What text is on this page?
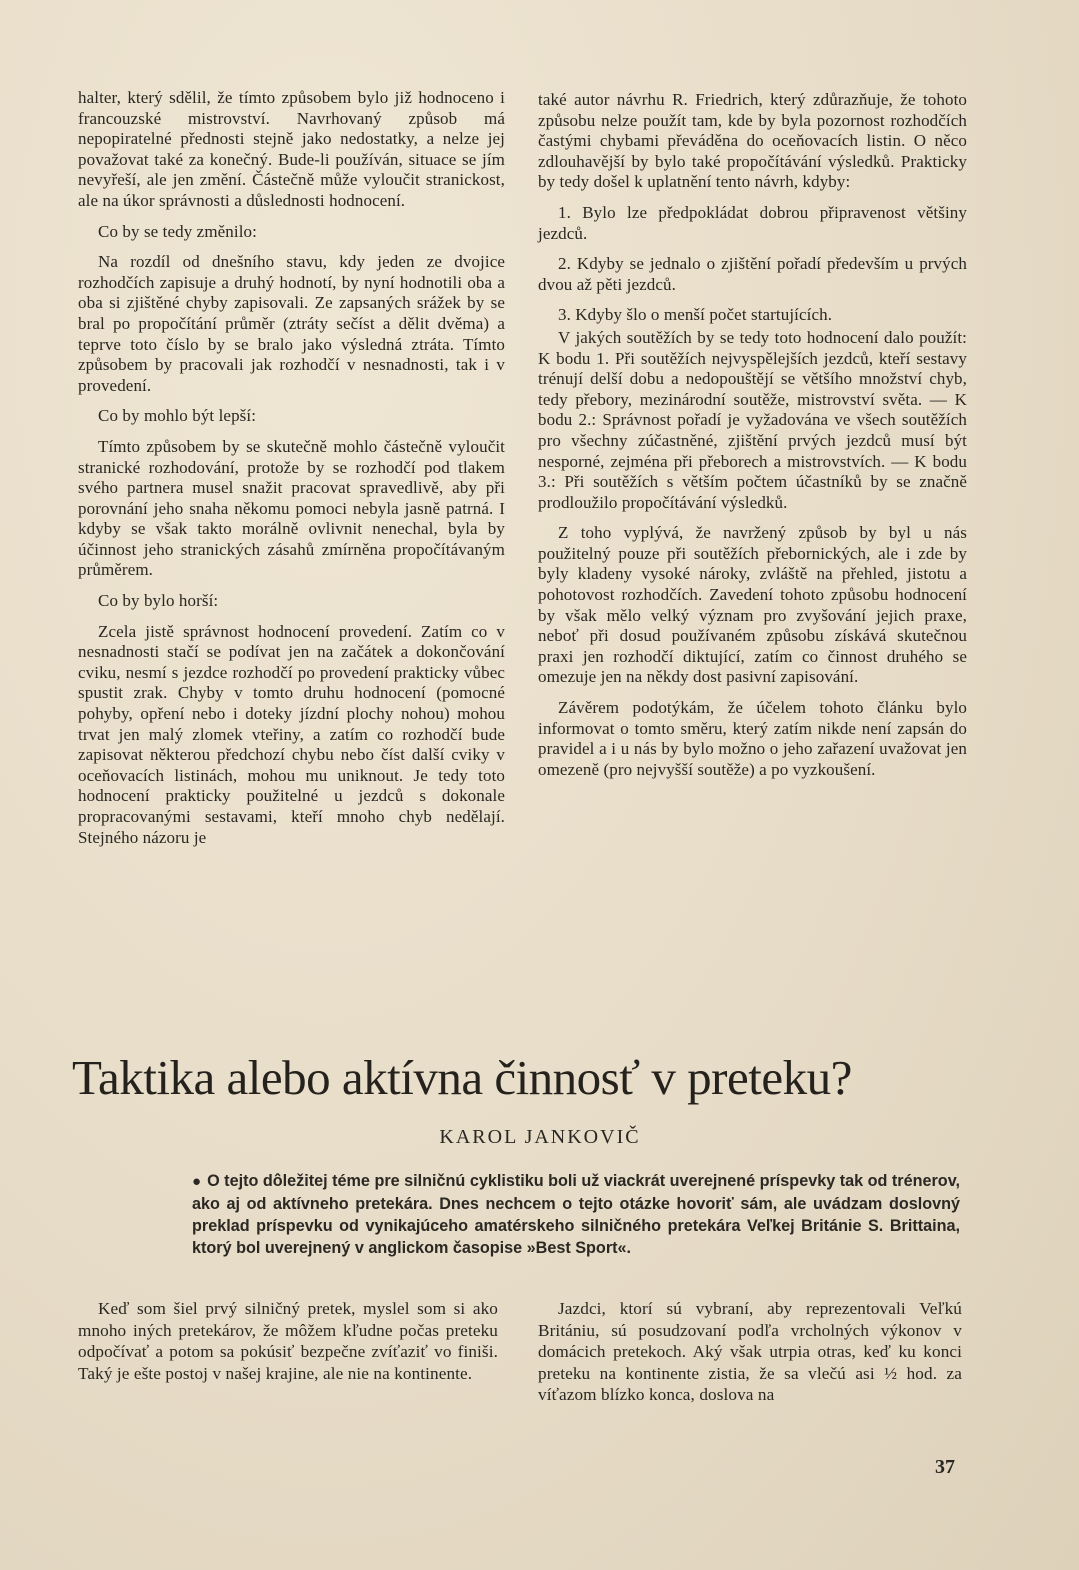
halter, který sdělil, že tímto způsobem bylo již hodnoceno i francouzské mistrovství. Navrhovaný způsob má nepopiratelné přednosti stejně jako nedostatky, a nelze jej považovat také za konečný. Bude-li používán, situace se jím nevyřeší, ale jen změní. Částečně může vyloučit stranickost, ale na úkor správnosti a důslednosti hodnocení.

Co by se tedy změnilo:

Na rozdíl od dnešního stavu, kdy jeden ze dvojice rozhodčích zapisuje a druhý hodnotí, by nyní hodnotili oba a oba si zjištěné chyby zapisovali. Ze zapsaných srážek by se bral po propočítání průměr (ztráty sečíst a dělit dvěma) a teprve toto číslo by se bralo jako výsledná ztráta. Tímto způsobem by pracovali jak rozhodčí v nesnadnosti, tak i v provedení.

Co by mohlo být lepší:

Tímto způsobem by se skutečně mohlo částečně vyloučit stranické rozhodování, protože by se rozhodčí pod tlakem svého partnera musel snažit pracovat spravedlivě, aby při porovnání jeho snaha někomu pomoci nebyla jasně patrná. I kdyby se však takto morálně ovlivnit nenechal, byla by účinnost jeho stranických zásahů zmírněna propočítávaným průměrem.

Co by bylo horší:

Zcela jistě správnost hodnocení provedení. Zatím co v nesnadnosti stačí se podívat jen na začátek a dokončování cviku, nesmí s jezdce rozhodčí po provedení prakticky vůbec spustit zrak. Chyby v tomto druhu hodnocení (pomocné pohyby, opření nebo i doteky jízdní plochy nohou) mohou trvat jen malý zlomek vteřiny, a zatím co rozhodčí bude zapisovat některou předchozí chybu nebo číst další cviky v oceňovacích listinách, mohou mu uniknout. Je tedy toto hodnocení prakticky použitelné u jezdců s dokonale propracovanými sestavami, kteří mnoho chyb nedělají. Stejného názoru je

také autor návrhu R. Friedrich, který zdůrazňuje, že tohoto způsobu nelze použít tam, kde by byla pozornost rozhodčích častými chybami převáděna do oceňovacích listin. O něco zdlouhavější by bylo také propočítávání výsledků. Prakticky by tedy došel k uplatnění tento návrh, kdyby:

1. Bylo lze předpokládat dobrou připravenost většiny jezdců.

2. Kdyby se jednalo o zjištění pořadí především u prvých dvou až pěti jezdců.

3. Kdyby šlo o menší počet startujících.

V jakých soutěžích by se tedy toto hodnocení dalo použít: K bodu 1. Při soutěžích nejvyspělejších jezdců, kteří sestavy trénují delší dobu a nedopouštějí se většího množství chyb, tedy přebory, mezinárodní soutěže, mistrovství světa. — K bodu 2.: Správnost pořadí je vyžadována ve všech soutěžích pro všechny zúčastněné, zjištění prvých jezdců musí být nesporné, zejména při přeborech a mistrovstvích. — K bodu 3.: Při soutěžích s větším počtem účastníků by se značně prodloužilo propočítávání výsledků.

Z toho vyplývá, že navržený způsob by byl u nás použitelný pouze při soutěžích přebornických, ale i zde by byly kladeny vysoké nároky, zvláště na přehled, jistotu a pohotovost rozhodčích. Zavedení tohoto způsobu hodnocení by však mělo velký význam pro zvyšování jejich praxe, neboť při dosud používaném způsobu získává skutečnou praxi jen rozhodčí diktující, zatím co činnost druhého se omezuje jen na někdy dost pasivní zapisování.

Závěrem podotýkám, že účelem tohoto článku bylo informovat o tomto směru, který zatím nikde není zapsán do pravidel a i u nás by bylo možno o jeho zařazení uvažovat jen omezeně (pro nejvyšší soutěže) a po vyzkoušení.

Taktika alebo aktívna činnosť v preteku?
KAROL JANKOVIČ
● O tejto dôležitej téme pre silničnú cyklistiku boli už viackrát uverejnené príspevky tak od trénerov, ako aj od aktívneho pretekára. Dnes nechcem o tejto otázke hovoriť sám, ale uvádzam doslovný preklad príspevku od vynikajúceho amatérskeho silničného pretekára Veľkej Británie S. Brittaina, ktorý bol uverejnený v anglickom časopise »Best Sport«.

Keď som šiel prvý silničný pretek, myslel som si ako mnoho iných pretekárov, že môžem kľudne počas preteku odpočívať a potom sa pokúsiť bezpečne zvíťaziť vo finiši. Taký je ešte postoj v našej krajine, ale nie na kontinente.

Jazdci, ktorí sú vybraní, aby reprezentovali Veľkú Britániu, sú posudzovaní podľa vrcholných výkonov v domácich pretekoch. Aký však utrpia otras, keď ku konci preteku na kontinente zistia, že sa vlečú asi ½ hod. za víťazom blízko konca, doslova na

37
